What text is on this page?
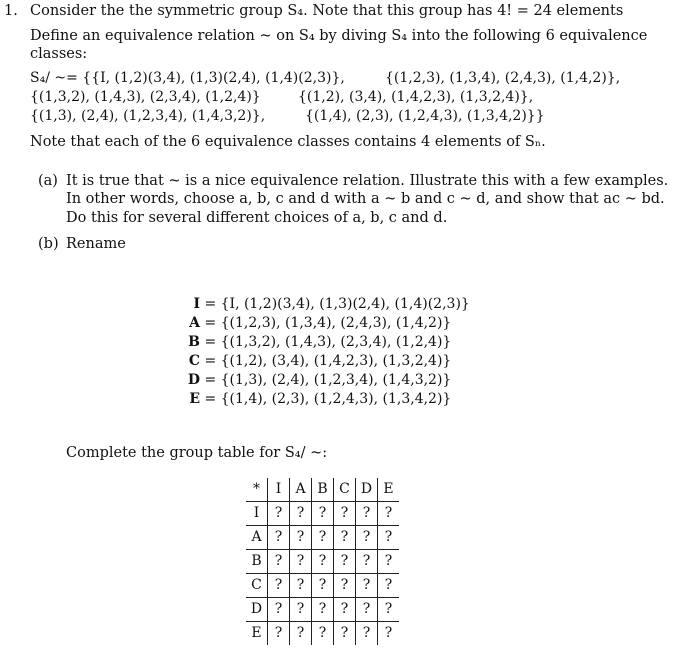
1. Consider the the symmetric group S₄. Note that this group has 4! = 24 elements
Define an equivalence relation ~ on S₄ by diving S₄ into the following 6 equivalence
classes:
S₄/ ~= {{I, (1,2)(3,4), (1,3)(2,4), (1,4)(2,3)},	{(1,2,3), (1,3,4), (2,4,3), (1,4,2)},
{(1,3,2), (1,4,3), (2,3,4), (1,2,4)}	{(1,2), (3,4), (1,4,2,3), (1,3,2,4)},
{(1,3), (2,4), (1,2,3,4), (1,4,3,2)},	{(1,4), (2,3), (1,2,4,3), (1,3,4,2)}}
Note that each of the 6 equivalence classes contains 4 elements of Sₙ.
(a) It is true that ~ is a nice equivalence relation. Illustrate this with a few examples.
In other words, choose a, b, c and d with a ~ b and c ~ d, and show that ac ~ bd.
Do this for several different choices of a, b, c and d.
(b) Rename
I = {I, (1,2)(3,4), (1,3)(2,4), (1,4)(2,3)}
A = {(1,2,3), (1,3,4), (2,4,3), (1,4,2)}
B = {(1,3,2), (1,4,3), (2,3,4), (1,2,4)}
C = {(1,2), (3,4), (1,4,2,3), (1,3,2,4)}
D = {(1,3), (2,4), (1,2,3,4), (1,4,3,2)}
E = {(1,4), (2,3), (1,2,4,3), (1,3,4,2)}
Complete the group table for S₄/ ~:
*	I	A	B	C	D	E
I	?	?	?	?	?	?
A	?	?	?	?	?	?
B	?	?	?	?	?	?
C	?	?	?	?	?	?
D	?	?	?	?	?	?
E	?	?	?	?	?	?
